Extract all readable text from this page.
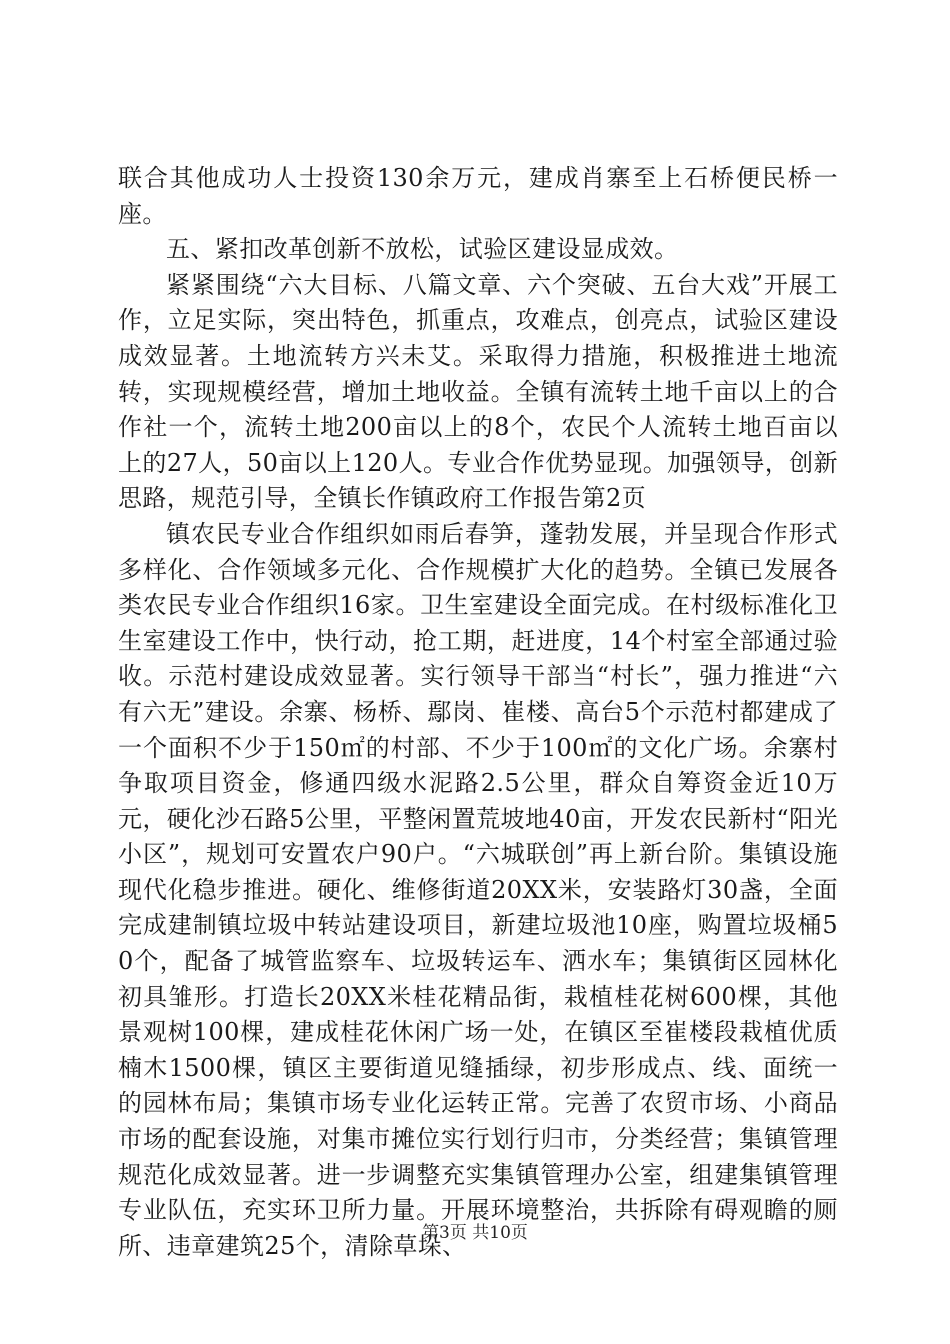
联合其他成功人士投资130余万元，建成肖寨至上石桥便民桥一座。

五、紧扣改革创新不放松，试验区建设显成效。

紧紧围绕“六大目标、八篇文章、六个突破、五台大戏”开展工作，立足实际，突出特色，抓重点，攻难点，创亮点，试验区建设成效显著。土地流转方兴未艾。采取得力措施，积极推进土地流转，实现规模经营，增加土地收益。全镇有流转土地千亩以上的合作社一个，流转土地200亩以上的8个，农民个人流转土地百亩以上的27人，50亩以上120人。专业合作优势显现。加强领导，创新思路，规范引导，全镇长作镇政府工作报告第2页

镇农民专业合作组织如雨后春笋，蓬勃发展，并呈现合作形式多样化、合作领域多元化、合作规模扩大化的趋势。全镇已发展各类农民专业合作组织16家。卫生室建设全面完成。在村级标准化卫生室建设工作中，快行动，抢工期，赶进度，14个村室全部通过验收。示范村建设成效显著。实行领导干部当“村长”，强力推进“六有六无”建设。余寨、杨桥、鄢岗、崔楼、高台5个示范村都建成了一个面积不少于150㎡的村部、不少于100㎡的文化广场。余寨村争取项目资金，修通四级水泥路2.5公里，群众自筹资金近10万元，硬化沙石路5公里，平整闲置荒坡地40亩，开发农民新村“阳光小区”，规划可安置农户90户。“六城联创”再上新台阶。集镇设施现代化稳步推进。硬化、维修街道20XX米，安装路灯30盏，全面完成建制镇垃圾中转站建设项目，新建垃圾池10座，购置垃圾桶50个，配备了城管监察车、垃圾转运车、洒水车；集镇街区园林化初具雏形。打造长20XX米桂花精品街，栽植桂花树600棵，其他景观树100棵，建成桂花休闲广场一处，在镇区至崔楼段栽植优质楠木1500棵，镇区主要街道见缝插绿，初步形成点、线、面统一的园林布局；集镇市场专业化运转正常。完善了农贸市场、小商品市场的配套设施，对集市摊位实行划行归市，分类经营；集镇管理规范化成效显著。进一步调整充实集镇管理办公室，组建集镇管理专业队伍，充实环卫所力量。开展环境整治，共拆除有碍观瞻的厕所、违章建筑25个，清除草垛、

第3页 共10页
